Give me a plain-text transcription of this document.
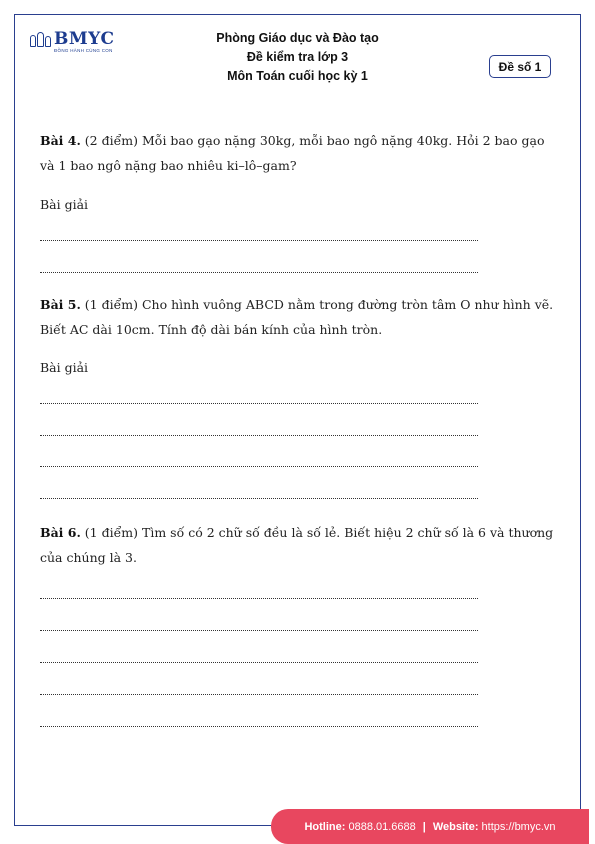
BMYC
ĐỒNG HÀNH CÙNG CON
Phòng Giáo dục và Đào tạo
Đề kiểm tra lớp 3
Môn Toán cuối học kỳ 1
Đề số 1
Bài 4. (2 điểm) Mỗi bao gạo nặng 30kg, mỗi bao ngô nặng 40kg. Hỏi 2 bao gạo và 1 bao ngô nặng bao nhiêu ki–lô–gam?
Bài giải
Bài 5. (1 điểm) Cho hình vuông ABCD nằm trong đường tròn tâm O như hình vẽ. Biết AC dài 10cm. Tính độ dài bán kính của hình tròn.
Bài giải
Bài 6. (1 điểm) Tìm số có 2 chữ số đều là số lẻ. Biết hiệu 2 chữ số là 6 và thương của chúng là 3.
Hotline:
0888.01.6688 | Website:
https://bmyc.vn
